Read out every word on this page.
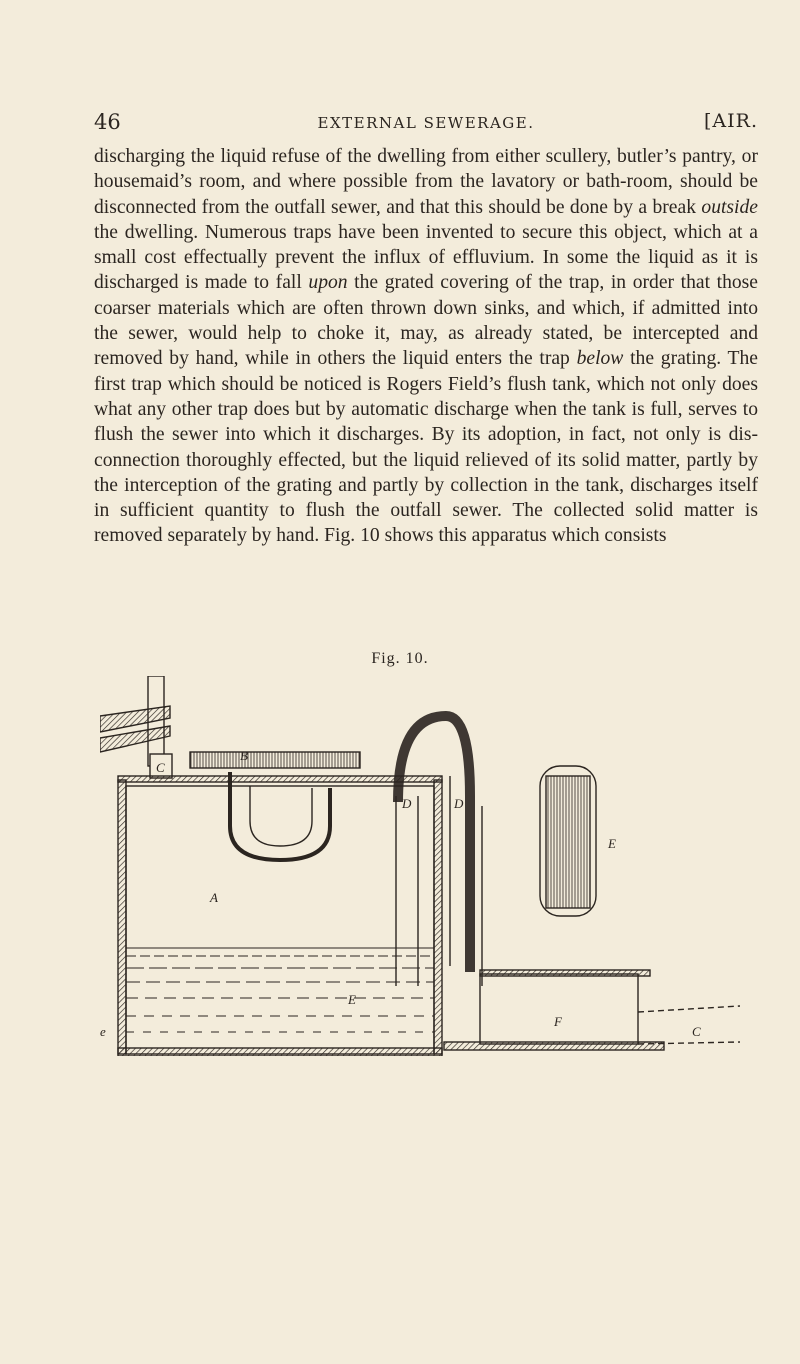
46	EXTERNAL SEWERAGE.	[AIR.

discharging the liquid refuse of the dwelling from either scullery, butler’s pantry, or housemaid’s room, and where possible from the lavatory or bath-room, should be disconnected from the outfall sewer, and that this should be done by a break outside the dwelling. Numerous traps have been invented to secure this object, which at a small cost effectually prevent the influx of effluvium. In some the liquid as it is discharged is made to fall upon the grated covering of the trap, in order that those coarser materials which are often thrown down sinks, and which, if admitted into the sewer, would help to choke it, may, as already stated, be intercepted and removed by hand, while in others the liquid enters the trap below the grating. The first trap which should be noticed is Rogers Field’s flush tank, which not only does what any other trap does but by automatic discharge when the tank is full, serves to flush the sewer into which it discharges. By its adoption, in fact, not only is dis- connection thoroughly effected, but the liquid relieved of its solid matter, partly by the interception of the grating and partly by collection in the tank, discharges itself in sufficient quantity to flush the outfall sewer. The collected solid matter is removed separately by hand. Fig. 10 shows this apparatus which consists

Fig. 10.
B
C
A
D	D
E
E
F
C
e
